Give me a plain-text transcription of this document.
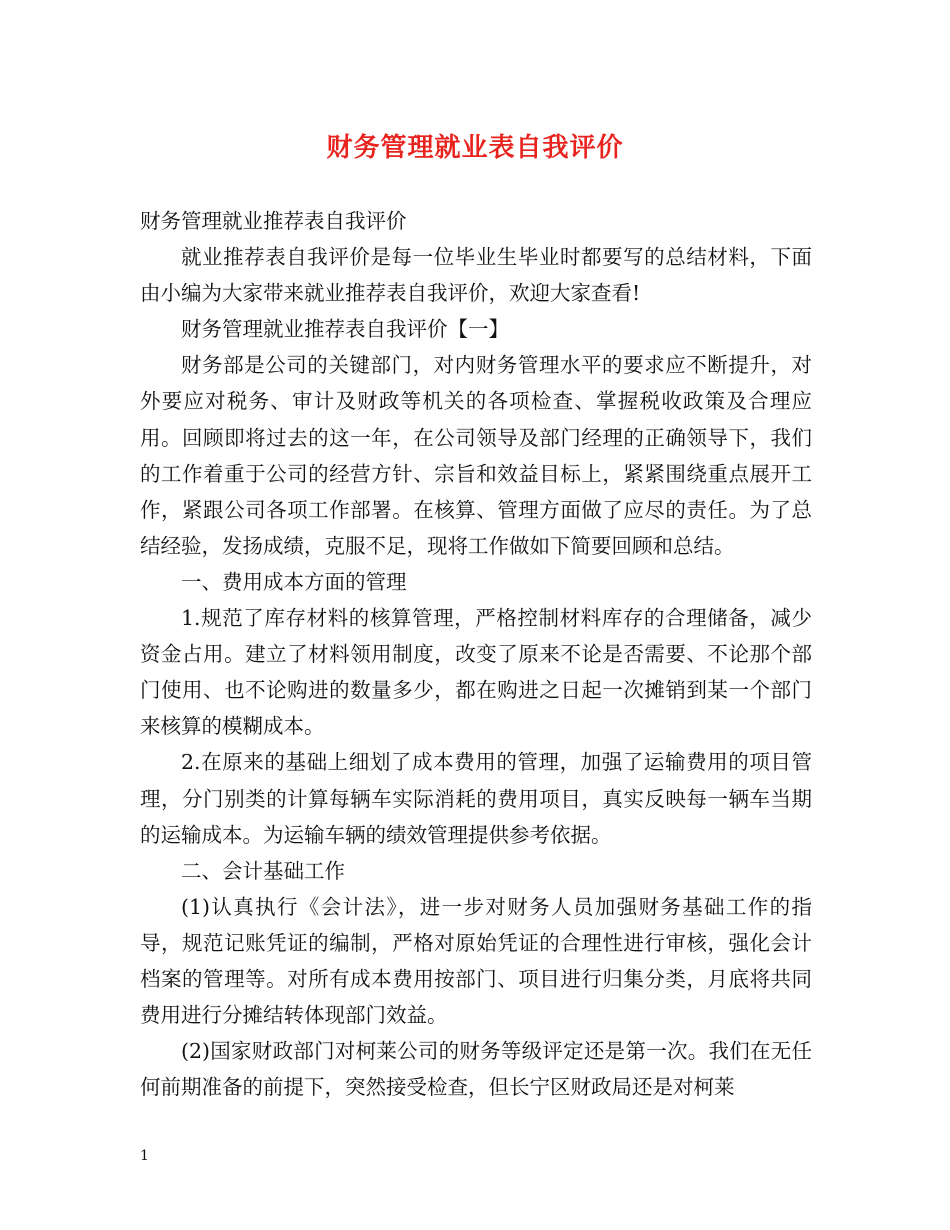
财务管理就业表自我评价

财务管理就业推荐表自我评价

就业推荐表自我评价是每一位毕业生毕业时都要写的总结材料，下面由小编为大家带来就业推荐表自我评价，欢迎大家查看!

财务管理就业推荐表自我评价【一】

财务部是公司的关键部门，对内财务管理水平的要求应不断提升，对外要应对税务、审计及财政等机关的各项检查、掌握税收政策及合理应用。回顾即将过去的这一年，在公司领导及部门经理的正确领导下，我们的工作着重于公司的经营方针、宗旨和效益目标上，紧紧围绕重点展开工作，紧跟公司各项工作部署。在核算、管理方面做了应尽的责任。为了总结经验，发扬成绩，克服不足，现将工作做如下简要回顾和总结。

一、费用成本方面的管理

1.规范了库存材料的核算管理，严格控制材料库存的合理储备，减少资金占用。建立了材料领用制度，改变了原来不论是否需要、不论那个部门使用、也不论购进的数量多少，都在购进之日起一次摊销到某一个部门来核算的模糊成本。

2.在原来的基础上细划了成本费用的管理，加强了运输费用的项目管理，分门别类的计算每辆车实际消耗的费用项目，真实反映每一辆车当期的运输成本。为运输车辆的绩效管理提供参考依据。

二、会计基础工作

(1)认真执行《会计法》，进一步对财务人员加强财务基础工作的指导，规范记账凭证的编制，严格对原始凭证的合理性进行审核，强化会计档案的管理等。对所有成本费用按部门、项目进行归集分类，月底将共同费用进行分摊结转体现部门效益。

(2)国家财政部门对柯莱公司的财务等级评定还是第一次。我们在无任何前期准备的前提下，突然接受检查，但长宁区财政局还是对柯莱

1
